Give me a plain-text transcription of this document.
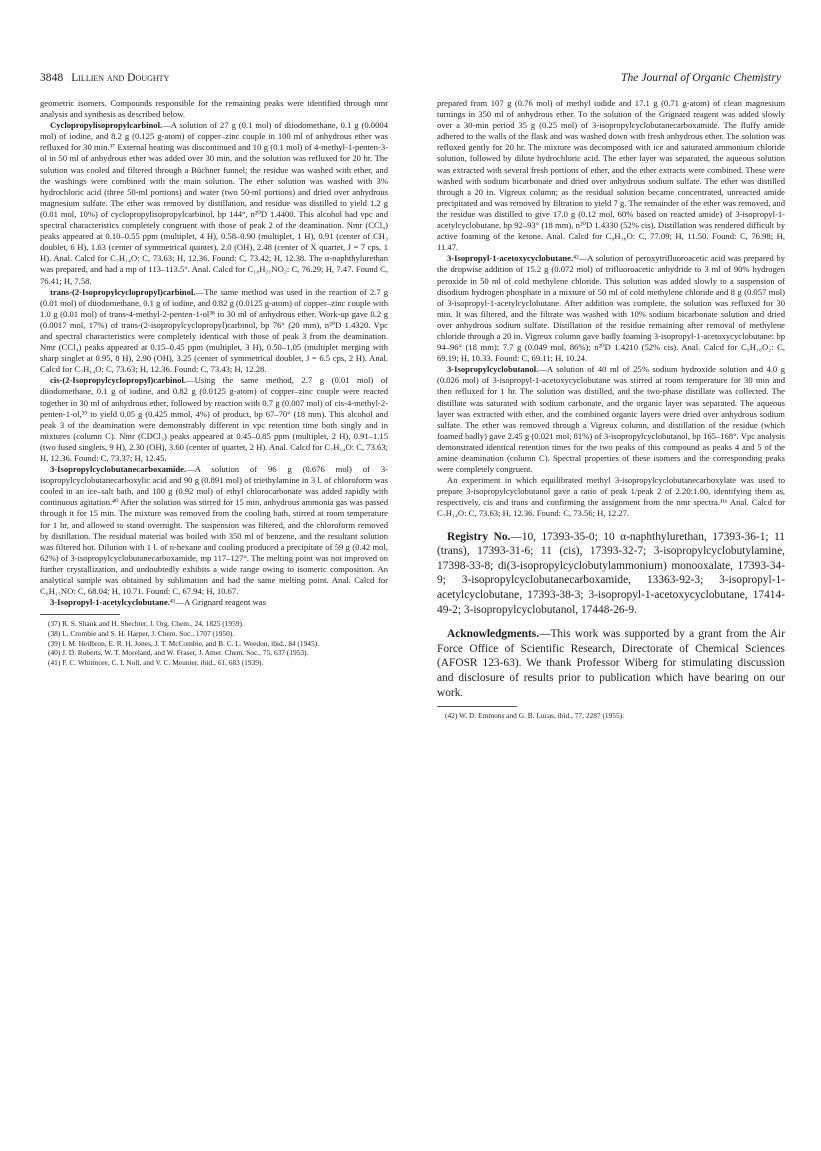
3848 Lillien and Doughty	The Journal of Organic Chemistry

geometric isomers. Compounds responsible for the remaining peaks were identified through nmr analysis and synthesis as described below.

Cyclopropylisopropylcarbinol.—A solution of 27 g (0.1 mol) of diiodomethane, 0.1 g (0.0004 mol) of iodine, and 8.2 g (0.125 g-atom) of copper–zinc couple in 100 ml of anhydrous ether was refluxed for 30 min.³⁷ External heating was discontinued and 10 g (0.1 mol) of 4-methyl-1-penten-3-ol in 50 ml of anhydrous ether was added over 30 min, and the solution was refluxed for 20 hr. The solution was cooled and filtered through a Büchner funnel; the residue was washed with ether, and the washings were combined with the main solution. The ether solution was washed with 3% hydrochloric acid (three 50-ml portions) and water (two 50-ml portions) and dried over anhydrous magnesium sulfate. The ether was removed by distillation, and residue was distilled to yield 1.2 g (0.01 mol, 10%) of cyclopropylisopropylcarbinol, bp 144°, n²⁰D 1.4400. This alcohol had vpc and spectral characteristics completely congruent with those of peak 2 of the deamination. Nmr (CCl₄) peaks appeared at 0.10–0.55 ppm (multiplet, 4 H), 0.58–0.90 (multiplet, 1 H), 0.91 (center of CH₃ doublet, 6 H), 1.63 (center of symmetrical quintet), 2.0 (OH), 2.48 (center of X quartet, J = 7 cps, 1 H). Anal. Calcd for C₇H₁₄O: C, 73.63; H, 12.36. Found: C, 73.42; H, 12.38. The α-naphthylurethan was prepared, and had a mp of 113–113.5°. Anal. Calcd for C₁₈H₂₁NO₂: C, 76.29; H, 7.47. Found C, 76.41; H, 7.58.

trans-(2-Isopropylcyclopropyl)carbinol.—The same method was used in the reaction of 2.7 g (0.01 mol) of diiodomethane, 0.1 g of iodine, and 0.82 g (0.0125 g-atom) of copper–zinc couple with 1.0 g (0.01 mol) of trans-4-methyl-2-penten-1-ol³⁸ in 30 ml of anhydrous ether. Work-up gave 0.2 g (0.0017 mol, 17%) of trans-(2-isopropylcyclopropyl)carbinol, bp 76° (20 mm), n²⁰D 1.4320. Vpc and spectral characteristics were completely identical with those of peak 3 from the deamination. Nmr (CCl₄) peaks appeared at 0.15–0.45 ppm (multiplet, 3 H), 0.50–1.05 (multiplet merging with sharp singlet at 0.95, 8 H), 2.90 (OH), 3.25 (center of symmetrical doublet, J = 6.5 cps, 2 H). Anal. Calcd for C₇H₁₄O: C, 73.63; H, 12.36. Found: C, 73.43; H, 12.28.

cis-(2-Isopropylcyclopropyl)carbinol.—Using the same method, 2.7 g (0.01 mol) of diiodomethane, 0.1 g of iodine, and 0.82 g (0.0125 g-atom) of copper–zinc couple were reacted together in 30 ml of anhydrous ether, followed by reaction with 0.7 g (0.007 mol) of cis-4-methyl-2-penten-1-ol,³⁹ to yield 0.05 g (0.425 mmol, 4%) of product, bp 67–70° (18 mm). This alcohol and peak 3 of the deamination were demonstrably different in vpc retention time both singly and in mixtures (column C). Nmr (CDCl₃) peaks appeared at 0.45–0.85 ppm (multiplet, 2 H), 0.91–1.15 (two fused singlets, 9 H), 2.30 (OH), 3.60 (center of quartet, 2 H). Anal. Calcd for C₇H₁₄O: C, 73.63; H, 12.36. Found: C, 73.37; H, 12.45.

3-Isopropylcyclobutanecarboxamide.—A solution of 96 g (0.676 mol) of 3-isopropylcyclobutanecarboxylic acid and 90 g (0.891 mol) of triethylamine in 3 l. of chloroform was cooled in an ice–salt bath, and 100 g (0.92 mol) of ethyl chlorocarbonate was added rapidly with continuous agitation.⁴⁰ After the solution was stirred for 15 min, anhydrous ammonia gas was passed through it for 15 min. The mixture was removed from the cooling bath, stirred at room temperature for 1 hr, and allowed to stand overnight. The suspension was filtered, and the chloroform removed by distillation. The residual material was boiled with 350 ml of benzene, and the resultant solution was filtered hot. Dilution with 1 l. of n-hexane and cooling produced a precipitate of 59 g (0.42 mol, 62%) of 3-isopropylcyclobutanecarboxamide, mp 117–127°. The melting point was not improved on further crystallization, and undoubtedly exhibits a wide range owing to isomeric composition. An analytical sample was obtained by sublimation and had the same melting point. Anal. Calcd for C₈H₁₅NO: C, 68.04; H, 10.71. Found: C, 67.94; H, 10.67.

3-Isopropyl-1-acetylcyclobutane.⁴¹—A Grignard reagent was

(37) R. S. Shank and H. Shechter, J. Org. Chem., 24, 1825 (1959).

(38) L. Crombie and S. H. Harper, J. Chem. Soc., 1707 (1950).

(39) I. M. Heilbron, E. R. H. Jones, J. T. McCombie, and B. C. L. Weedon, ibid., 84 (1945).

(40) J. D. Roberts, W. T. Moreland, and W. Fraser, J. Amer. Chem. Soc., 75, 637 (1953).

(41) F. C. Whitmore, C. I. Noll, and V. C. Meunier, ibid., 61, 683 (1939).

prepared from 107 g (0.76 mol) of methyl iodide and 17.1 g (0.71 g-atom) of clean magnesium turnings in 350 ml of anhydrous ether. To the solution of the Grignard reagent was added slowly over a 30-min period 35 g (0.25 mol) of 3-isopropylcyclobutanecarboxamide. The fluffy amide adhered to the walls of the flask and was washed down with fresh anhydrous ether. The solution was refluxed gently for 20 hr. The mixture was decomposed with ice and saturated ammonium chloride solution, followed by dilute hydrochloric acid. The ether layer was separated, the aqueous solution was extracted with several fresh portions of ether, and the ether extracts were combined. These were washed with sodium bicarbonate and dried over anhydrous sodium sulfate. The ether was distilled through a 20 in. Vigreux column; as the residual solution became concentrated, unreacted amide precipitated and was removed by filtration to yield 7 g. The remainder of the ether was removed, and the residue was distilled to give 17.0 g (0.12 mol, 60% based on reacted amide) of 3-isopropyl-1-acetylcyclobutane, bp 92–93° (18 mm), n²⁰D 1.4330 (52% cis). Distillation was rendered difficult by active foaming of the ketone. Anal. Calcd for C₉H₁₆O: C, 77.09; H, 11.50. Found: C, 76.98; H, 11.47.

3-Isopropyl-1-acetoxycyclobutane.⁴²—A solution of peroxytrifluoroacetic acid was prepared by the dropwise addition of 15.2 g (0.072 mol) of trifluoroacetic anhydride to 3 ml of 90% hydrogen peroxide in 50 ml of cold methylene chloride. This solution was added slowly to a suspension of disodium hydrogen phosphate in a mixture of 50 ml of cold methylene chloride and 8 g (0.057 mol) of 3-isopropyl-1-acetylcyclobutane. After addition was complete, the solution was refluxed for 30 min. It was filtered, and the filtrate was washed with 10% sodium bicarbonate solution and dried over anhydrous sodium sulfate. Distillation of the residue remaining after removal of methylene chloride through a 20 in. Vigreux column gave badly foaming 3-isopropyl-1-acetoxycyclobutane: bp 94–96° (18 mm); 7.7 g (0.049 mol, 86%); n²⁰D 1.4210 (52% cis). Anal. Calcd for C₉H₁₆O₂: C, 69.19; H, 10.33. Found: C, 69.11; H, 10.24.

3-Isopropylcyclobutanol.—A solution of 40 ml of 25% sodium hydroxide solution and 4.0 g (0.026 mol) of 3-isopropyl-1-acetoxycyclobutane was stirred at room temperature for 30 min and then refluxed for 1 hr. The solution was distilled, and the two-phase distillate was collected. The distillate was saturated with sodium carbonate, and the organic layer was separated. The aqueous layer was extracted with ether, and the combined organic layers were dried over anhydrous sodium sulfate. The ether was removed through a Vigreux column, and distillation of the residue (which foamed badly) gave 2.45 g (0.021 mol, 81%) of 3-isopropylcyclobutanol, bp 165–168°. Vpc analysis demonstrated identical retention times for the two peaks of this compound as peaks 4 and 5 of the amine deamination (column C). Spectral properties of these isomers and the corresponding peaks were completely congruent.

An experiment in which equilibrated methyl 3-isopropylcyclobutanecarboxylate was used to prepare 3-isopropylcyclobutanol gave a ratio of peak 1/peak 2 of 2.20:1.00, identifying them as, respectively, cis and trans and confirming the assignment from the nmr spectra.¹¹ᵉ Anal. Calcd for C₇H₁₄O: C, 73.63; H, 12.36. Found: C, 73.56; H, 12.27.

Registry No.—10, 17393-35-0; 10 α-naphthylurethan, 17393-36-1; 11 (trans), 17393-31-6; 11 (cis), 17393-32-7; 3-isopropylcyclobutylamine, 17398-33-8; di(3-isopropylcyclobutylammonium) monooxalate, 17393-34-9; 3-isopropylcyclobutanecarboxamide, 13363-92-3; 3-isopropyl-1-acetylcyclobutane, 17393-38-3; 3-isopropyl-1-acetoxycyclobutane, 17414-49-2; 3-isopropylcyclobutanol, 17448-26-9.

Acknowledgments.—This work was supported by a grant from the Air Force Office of Scientific Research, Directorate of Chemical Sciences (AFOSR 123-63). We thank Professor Wiberg for stimulating discussion and disclosure of results prior to publication which have bearing on our work.

(42) W. D. Emmons and G. B. Lucas, ibid., 77, 2287 (1955).
